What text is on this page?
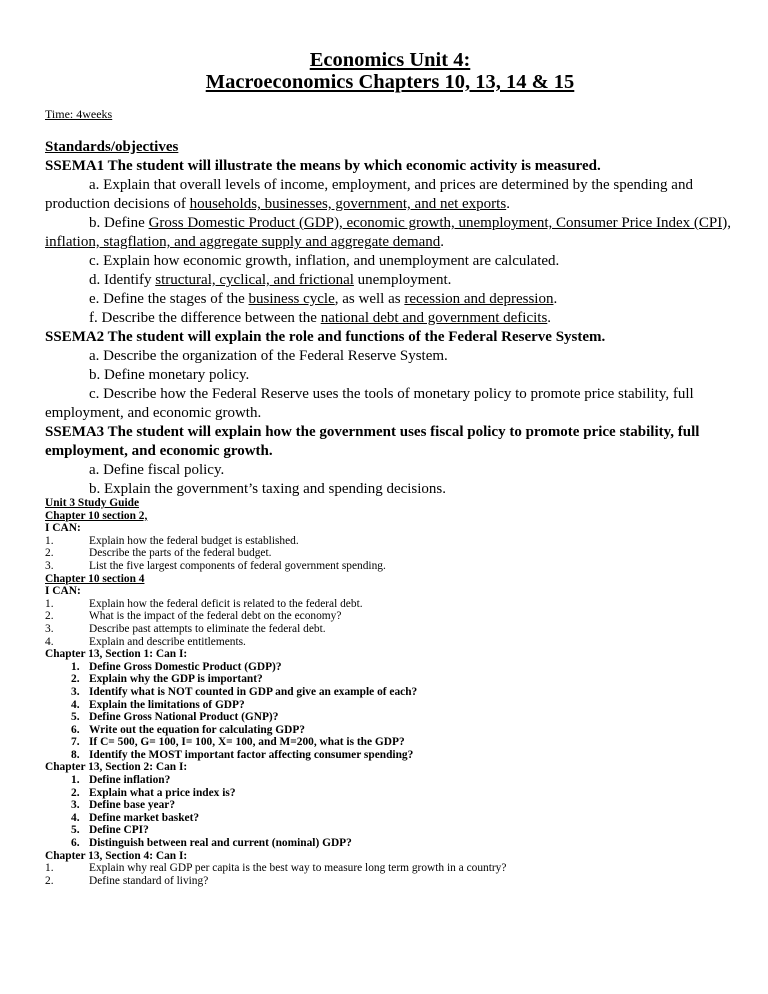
Economics Unit 4:

Macroeconomics Chapters 10, 13, 14 & 15

Time: 4weeks

Standards/objectives

SSEMA1 The student will illustrate the means by which economic activity is measured.

a. Explain that overall levels of income, employment, and prices are determined by the spending and production decisions of households, businesses, government, and net exports.

b. Define Gross Domestic Product (GDP), economic growth, unemployment, Consumer Price Index (CPI), inflation, stagflation, and aggregate supply and aggregate demand.

c. Explain how economic growth, inflation, and unemployment are calculated.

d. Identify structural, cyclical, and frictional unemployment.

e. Define the stages of the business cycle, as well as recession and depression.

f. Describe the difference between the national debt and government deficits.

SSEMA2 The student will explain the role and functions of the Federal Reserve System.

a. Describe the organization of the Federal Reserve System.

b. Define monetary policy.

c. Describe how the Federal Reserve uses the tools of monetary policy to promote price stability, full employment, and economic growth.

SSEMA3 The student will explain how the government uses fiscal policy to promote price stability, full employment, and economic growth.

a. Define fiscal policy.

b. Explain the government’s taxing and spending decisions.

Unit 3 Study Guide

Chapter 10 section 2,

I CAN:

1.	Explain how the federal budget is established.
2.	Describe the parts of the federal budget.
3.	List the five largest components of federal government spending.

Chapter 10 section 4

I CAN:

1.	Explain how the federal deficit is related to the federal debt.
2.	What is the impact of the federal debt on the economy?
3.	Describe past attempts to eliminate the federal debt.
4.	Explain and describe entitlements.

Chapter 13, Section 1: Can I:

1. Define Gross Domestic Product (GDP)?
2. Explain why the GDP is important?
3. Identify what is NOT counted in GDP and give an example of each?
4. Explain the limitations of GDP?
5. Define Gross National Product (GNP)?
6. Write out the equation for calculating GDP?
7. If C= 500, G= 100, I= 100, X= 100, and M=200, what is the GDP?
8. Identify the MOST important factor affecting consumer spending?

Chapter 13, Section 2: Can I:

1. Define inflation?
2. Explain what a price index is?
3. Define base year?
4. Define market basket?
5. Define CPI?
6. Distinguish between real and current (nominal) GDP?

Chapter 13, Section 4: Can I:

1.	Explain why real GDP per capita is the best way to measure long term growth in a country?
2.	Define standard of living?
